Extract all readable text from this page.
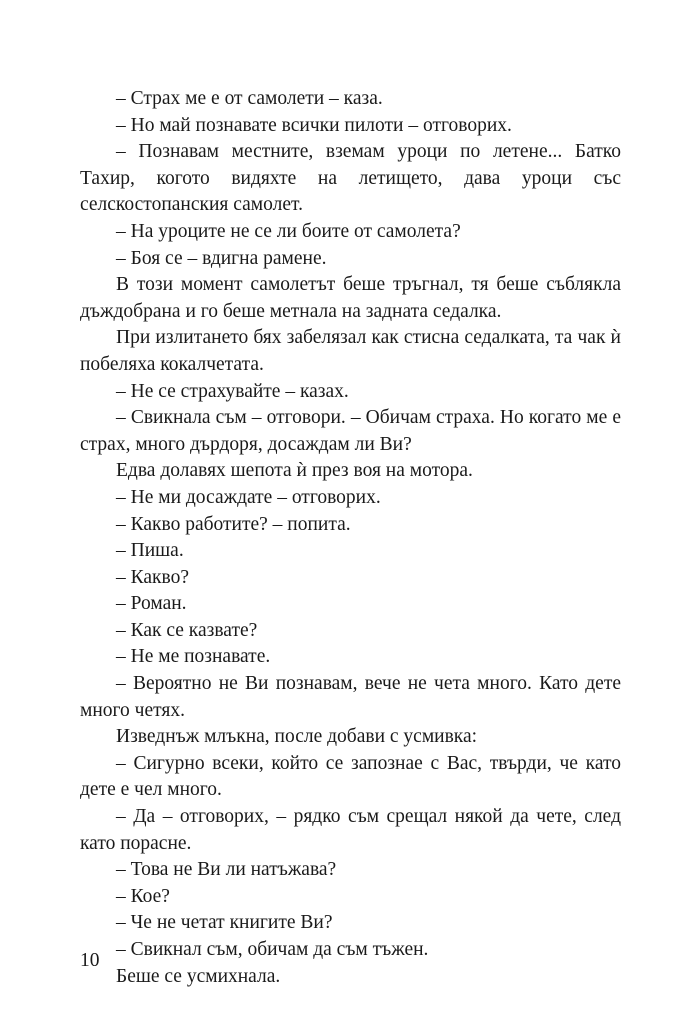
– Страх ме е от самолети – каза.

– Но май познавате всички пилоти – отговорих.

– Познавам местните, вземам уроци по летене... Батко Тахир, когото видяхте на летището, дава уроци със селскостопанския самолет.

– На уроците не се ли боите от самолета?

– Боя се – вдигна рамене.

В този момент самолетът беше тръгнал, тя беше съблякла дъждобрана и го беше метнала на задната седалка.

При излитането бях забелязал как стисна седалката, та чак ѝ побеляха кокалчетата.

– Не се страхувайте – казах.

– Свикнала съм – отговори. – Обичам страха. Но когато ме е страх, много дърдоря, досаждам ли Ви?

Едва долавях шепота ѝ през воя на мотора.

– Не ми досаждате – отговорих.

– Какво работите? – попита.

– Пиша.

– Какво?

– Роман.

– Как се казвате?

– Не ме познавате.

– Вероятно не Ви познавам, вече не чета много. Като дете много четях.

Изведнъж млъкна, после добави с усмивка:

– Сигурно всеки, който се запознае с Вас, твърди, че като дете е чел много.

– Да – отговорих, – рядко съм срещал някой да чете, след като порасне.

– Това не Ви ли натъжава?

– Кое?

– Че не четат книгите Ви?

– Свикнал съм, обичам да съм тъжен.

Беше се усмихнала.

10
